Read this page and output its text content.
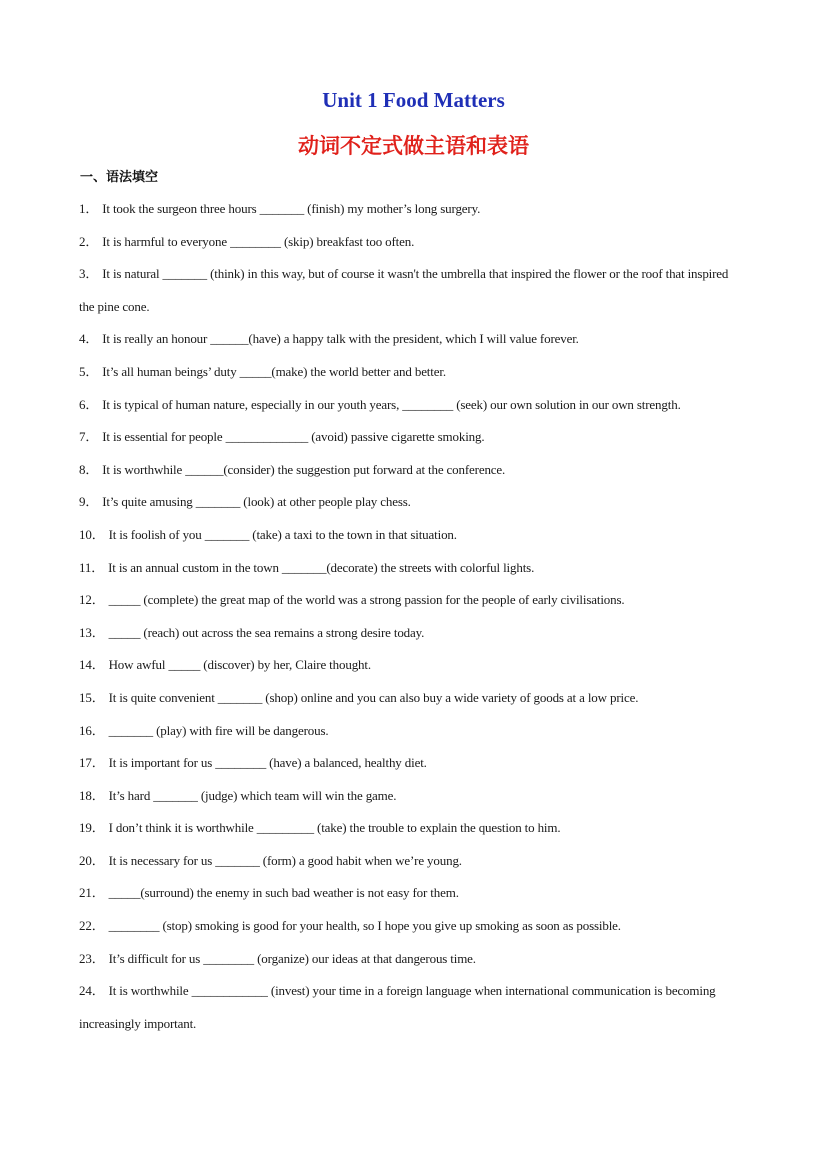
Unit 1 Food Matters
动词不定式做主语和表语
一、语法填空
1． It took the surgeon three hours _______ (finish) my mother’s long surgery.
2． It is harmful to everyone ________ (skip) breakfast too often.
3． It is natural _______ (think) in this way, but of course it wasn't the umbrella that inspired the flower or the roof that inspired the pine cone.
4． It is really an honour ______(have) a happy talk with the president, which I will value forever.
5． It’s all human beings’ duty _____(make) the world better and better.
6． It is typical of human nature, especially in our youth years, ________ (seek) our own solution in our own strength.
7． It is essential for people _____________ (avoid) passive cigarette smoking.
8． It is worthwhile ______(consider) the suggestion put forward at the conference.
9． It’s quite amusing _______ (look) at other people play chess.
10． It is foolish of you _______ (take) a taxi to the town in that situation.
11． It is an annual custom in the town _______(decorate) the streets with colorful lights.
12． _____ (complete) the great map of the world was a strong passion for the people of early civilisations.
13． _____ (reach) out across the sea remains a strong desire today.
14． How awful _____ (discover) by her, Claire thought.
15． It is quite convenient _______ (shop) online and you can also buy a wide variety of goods at a low price.
16． _______ (play) with fire will be dangerous.
17． It is important for us ________ (have) a balanced, healthy diet.
18． It’s hard _______ (judge) which team will win the game.
19． I don’t think it is worthwhile _________ (take) the trouble to explain the question to him.
20． It is necessary for us _______ (form) a good habit when we’re young.
21． _____(surround) the enemy in such bad weather is not easy for them.
22． ________ (stop) smoking is good for your health, so I hope you give up smoking as soon as possible.
23． It’s difficult for us ________ (organize) our ideas at that dangerous time.
24． It is worthwhile ____________ (invest) your time in a foreign language when international communication is becoming increasingly important.
